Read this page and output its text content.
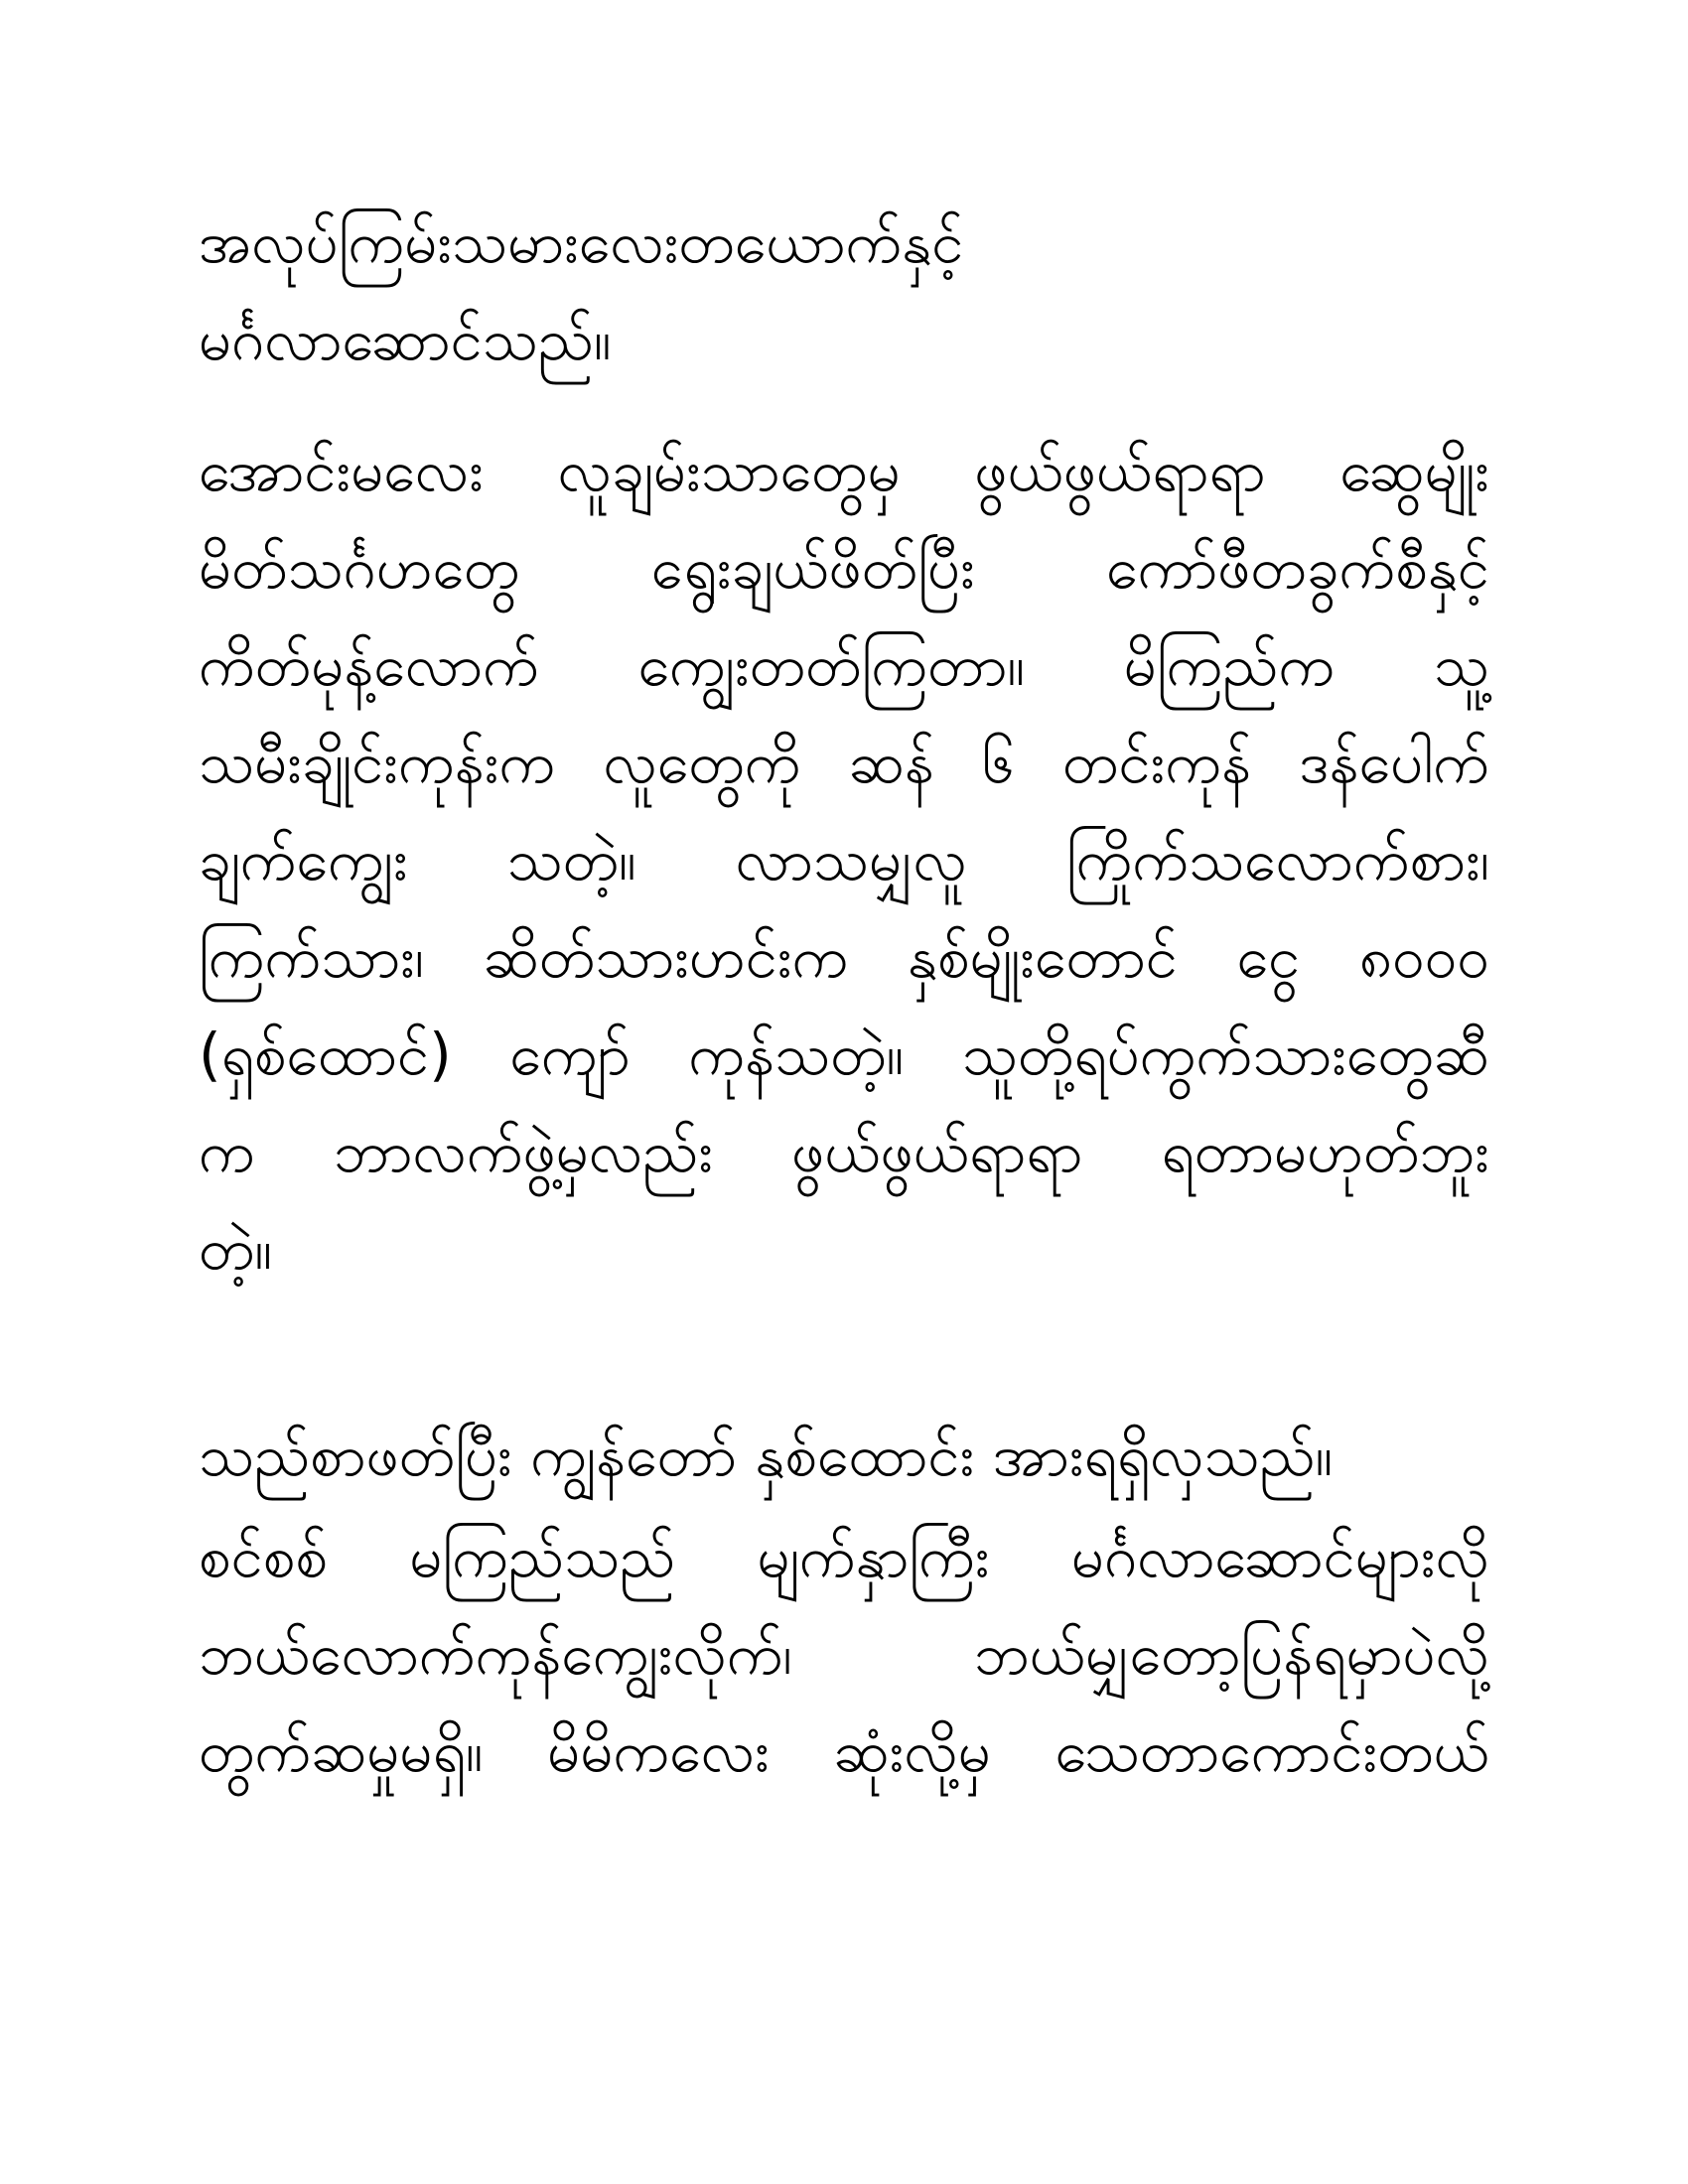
အလုပ်ကြမ်းသမားလေးတယောက်နှင့်
မင်္ဂလာဆောင်သည်။
အောင်းမလေး လူချမ်းသာတွေမှ ဖွယ်ဖွယ်ရာရာ ဆွေမျိုး
မိတ်သင်္ဂဟတွေ ရွေးချယ်ဖိတ်ပြီး ကော်ဖီတခွက်စီနှင့်
ကိတ်မုန့်လောက် ကျွေးတတ်ကြတာ။ မိကြည်က သူ့
သမီးချိုင်းကုန်းက လူတွေကို ဆန် ၆ တင်းကုန် ဒန်ပေါက်
ချက်ကျွေး သတဲ့။ လာသမျှလူ ကြိုက်သလောက်စား၊
ကြက်သား၊ ဆိတ်သားဟင်းက နှစ်မျိုးတောင် ငွေ ၈၀၀၀
(ရှစ်ထောင်) ကျော် ကုန်သတဲ့။ သူတို့ရပ်ကွက်သားတွေဆီ
က ဘာလက်ဖွဲ့မှလည်း ဖွယ်ဖွယ်ရာရာ ရတာမဟုတ်ဘူး
တဲ့။
သည်စာဖတ်ပြီး ကျွန်တော် နှစ်ထောင်း အားရရှိလှသည်။
စင်စစ် မကြည်သည် မျက်နှာကြီး မင်္ဂလာဆောင်များလို
ဘယ်လောက်ကုန်ကျွေးလိုက်၊ ဘယ်မျှတော့ပြန်ရမှာပဲလို့
တွက်ဆမှုမရှိ။ မိမိကလေး ဆုံးလို့မှ သေတာကောင်းတယ်
